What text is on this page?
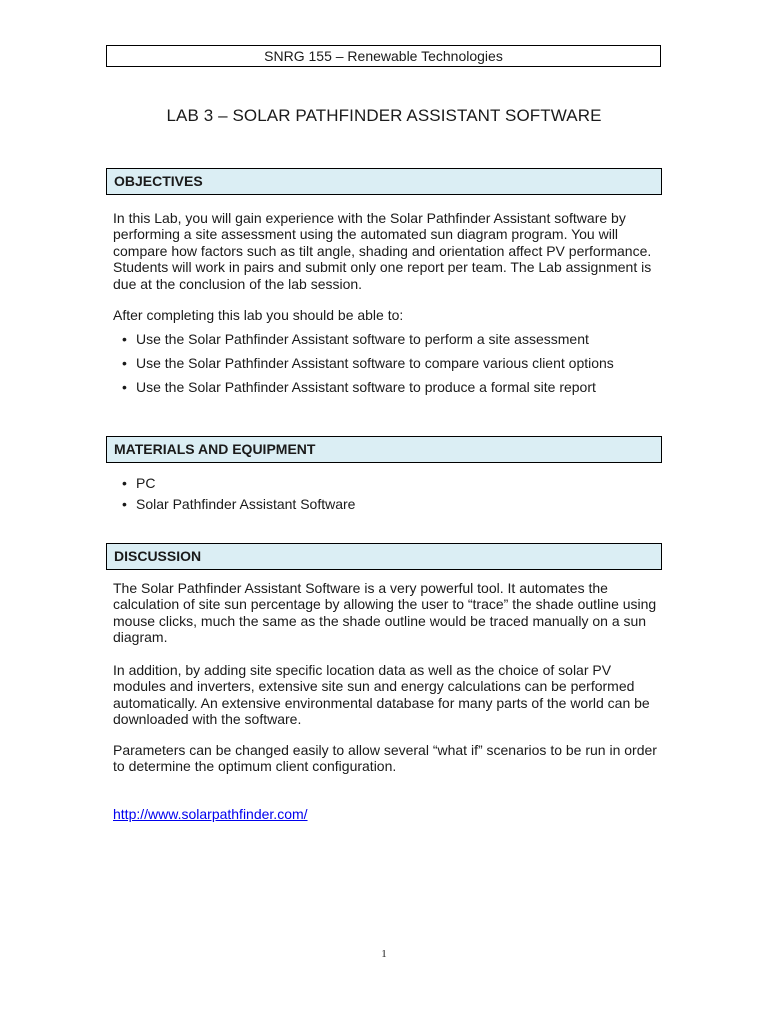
SNRG 155 – Renewable Technologies
LAB 3 – SOLAR PATHFINDER ASSISTANT SOFTWARE
OBJECTIVES

In this Lab, you will gain experience with the Solar Pathfinder Assistant software by performing a site assessment using the automated sun diagram program. You will compare how factors such as tilt angle, shading and orientation affect PV performance. Students will work in pairs and submit only one report per team. The Lab assignment is due at the conclusion of the lab session.

After completing this lab you should be able to:

• Use the Solar Pathfinder Assistant software to perform a site assessment
• Use the Solar Pathfinder Assistant software to compare various client options
• Use the Solar Pathfinder Assistant software to produce a formal site report
MATERIALS AND EQUIPMENT
• PC
• Solar Pathfinder Assistant Software
DISCUSSION

The Solar Pathfinder Assistant Software is a very powerful tool. It automates the calculation of site sun percentage by allowing the user to “trace” the shade outline using mouse clicks, much the same as the shade outline would be traced manually on a sun diagram.

In addition, by adding site specific location data as well as the choice of solar PV modules and inverters, extensive site sun and energy calculations can be performed automatically. An extensive environmental database for many parts of the world can be downloaded with the software.

Parameters can be changed easily to allow several “what if” scenarios to be run in order to determine the optimum client configuration.

http://www.solarpathfinder.com/
1
